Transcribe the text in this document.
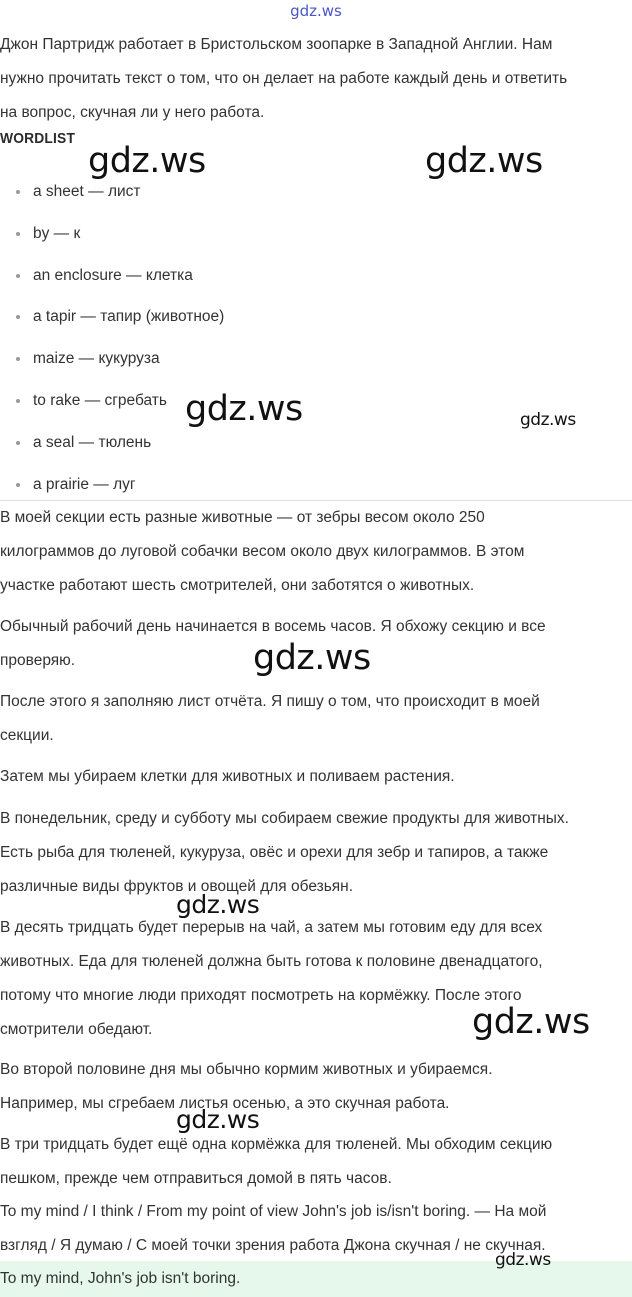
gdz.ws

Джон Партридж работает в Бристольском зоопарке в Западной Англии. Нам
нужно прочитать текст о том, что он делает на работе каждый день и ответить
на вопрос, скучная ли у него работа.

WORDLIST
a sheet — лист
by — к
an enclosure — клетка
a tapir — тапир (животное)
maize — кукуруза
to rake — сгребать
a seal — тюлень
a prairie — луг

В моей секции есть разные животные — от зебры весом около 250
килограммов до луговой собачки весом около двух килограммов. В этом
участке работают шесть смотрителей, они заботятся о животных.

Обычный рабочий день начинается в восемь часов. Я обхожу секцию и все
проверяю.

После этого я заполняю лист отчёта. Я пишу о том, что происходит в моей
секции.

Затем мы убираем клетки для животных и поливаем растения.

В понедельник, среду и субботу мы собираем свежие продукты для животных.
Есть рыба для тюленей, кукуруза, овёс и орехи для зебр и тапиров, а также
различные виды фруктов и овощей для обезьян.

В десять тридцать будет перерыв на чай, а затем мы готовим еду для всех
животных. Еда для тюленей должна быть готова к половине двенадцатого,
потому что многие люди приходят посмотреть на кормёжку. После этого
смотрители обедают.

Во второй половине дня мы обычно кормим животных и убираемся.
Например, мы сгребаем листья осенью, а это скучная работа.

В три тридцать будет ещё одна кормёжка для тюленей. Мы обходим секцию
пешком, прежде чем отправиться домой в пять часов.

To my mind / I think / From my point of view John's job is/isn't boring. — На мой
взгляд / Я думаю / С моей точки зрения работа Джона скучная / не скучная.

To my mind, John's job isn't boring.
gdz.ws	gdz.ws
gdz.ws	gdz.ws
gdz.ws
gdz.ws
gdz.ws
gdz.ws
gdz.ws
